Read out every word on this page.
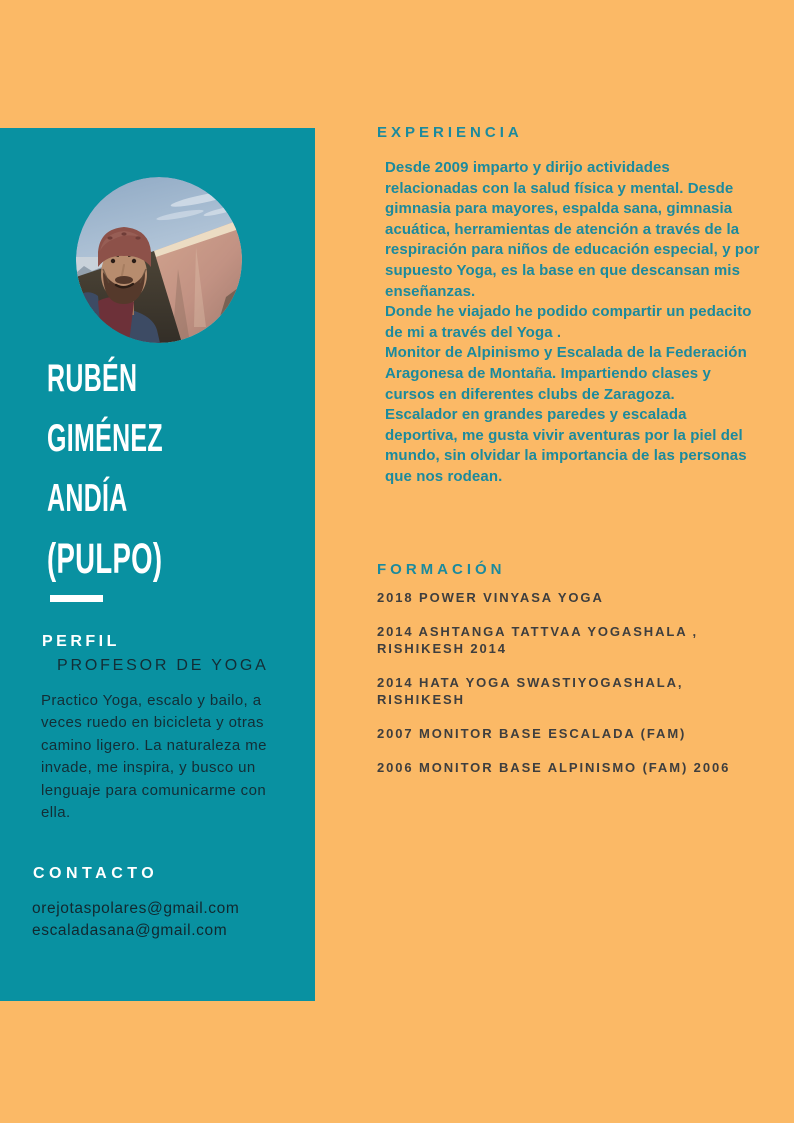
RUBÉN
GIMÉNEZ
ANDÍA
(PULPO)
PERFIL
PROFESOR DE YOGA

Practico Yoga, escalo y bailo, a veces ruedo en bicicleta y otras camino ligero. La naturaleza me invade, me inspira, y busco un lenguaje para comunicarme con ella.

CONTACTO
orejotaspolares@gmail.com
escaladasana@gmail.com
EXPERIENCIA

Desde 2009 imparto y dirijo actividades relacionadas con la salud física y mental. Desde gimnasia para mayores, espalda sana, gimnasia acuática, herramientas de atención a través de la respiración para niños de educación especial, y por supuesto Yoga, es la base en que descansan mis enseñanzas.

Donde he viajado he podido compartir un pedacito de mi a través del Yoga .

Monitor de Alpinismo y Escalada de la Federación Aragonesa de Montaña. Impartiendo clases y cursos en diferentes clubs de Zaragoza.

Escalador en grandes paredes y escalada deportiva, me gusta vivir aventuras por la piel del mundo, sin olvidar la importancia de las personas que nos rodean.

FORMACIÓN
2018 POWER VINYASA YOGA
2014 ASHTANGA TATTVAA YOGASHALA , RISHIKESH 2014
2014 HATA YOGA SWASTIYOGASHALA, RISHIKESH
2007 MONITOR BASE ESCALADA (FAM)
2006 MONITOR BASE ALPINISMO (FAM) 2006
